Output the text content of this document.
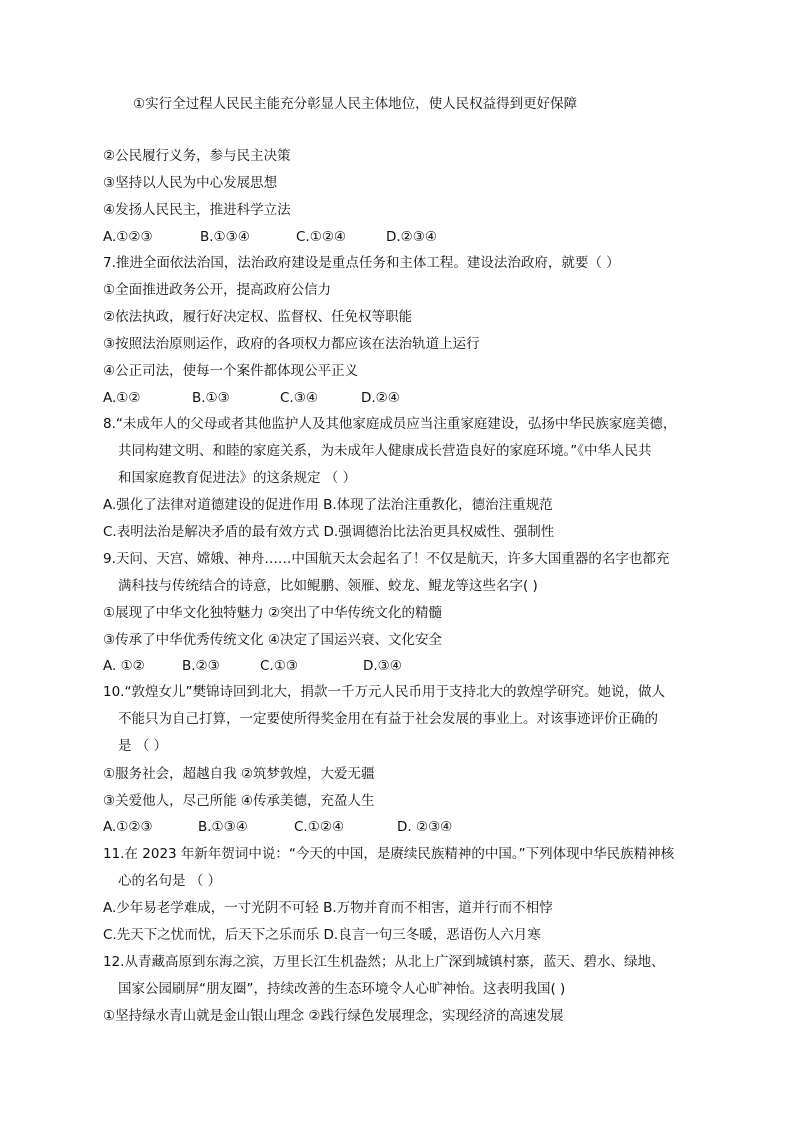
①实行全过程人民民主能充分彰显人民主体地位，使人民权益得到更好保障
②公民履行义务，参与民主决策
③坚持以人民为中心发展思想
④发扬人民民主，推进科学立法
A.①②③	B.①③④	C.①②④	D.②③④
7.推进全面依法治国，法治政府建设是重点任务和主体工程。建设法治政府，就要（ ）
①全面推进政务公开，提高政府公信力
②依法执政，履行好决定权、监督权、任免权等职能
③按照法治原则运作，政府的各项权力都应该在法治轨道上运行
④公正司法，使每一个案件都体现公平正义
A.①②	B.①③	C.③④	D.②④
8.“未成年人的父母或者其他监护人及其他家庭成员应当注重家庭建设，弘扬中华民族家庭美德，
共同构建文明、和睦的家庭关系，为未成年人健康成长营造良好的家庭环境。”《中华人民共
和国家庭教育促进法》的这条规定 （ ）
A.强化了法律对道德建设的促进作用 B.体现了法治注重教化，德治注重规范
C.表明法治是解决矛盾的最有效方式 D.强调德治比法治更具权威性、强制性
9.天问、天宫、嫦娥、神舟……中国航天太会起名了！不仅是航天，许多大国重器的名字也都充
满科技与传统结合的诗意，比如鲲鹏、领雁、蛟龙、鲲龙等这些名字( )
①展现了中华文化独特魅力 ②突出了中华传统文化的精髓
③传承了中华优秀传统文化 ④决定了国运兴衰、文化安全
A. ①②	B.②③	C.①③	D.③④
10.“敦煌女儿”樊锦诗回到北大，捐款一千万元人民币用于支持北大的敦煌学研究。她说，做人
不能只为自己打算，一定要使所得奖金用在有益于社会发展的事业上。对该事迹评价正确的
是 （ ）
①服务社会，超越自我 ②筑梦敦煌，大爱无疆
③关爱他人，尽己所能 ④传承美德，充盈人生
A.①②③	B.①③④	C.①②④	D. ②③④
11.在 2023 年新年贺词中说：“今天的中国，是赓续民族精神的中国。”下列体现中华民族精神核
心的名句是 （ ）
A.少年易老学难成，一寸光阴不可轻 B.万物并育而不相害，道并行而不相悖
C.先天下之忧而忧，后天下之乐而乐 D.良言一句三冬暖，恶语伤人六月寒
12.从青藏高原到东海之滨，万里长江生机盎然；从北上广深到城镇村寨，蓝天、碧水、绿地、
国家公园刷屏“朋友圈”，持续改善的生态环境令人心旷神怡。这表明我国( )
①坚持绿水青山就是金山银山理念 ②践行绿色发展理念，实现经济的高速发展
